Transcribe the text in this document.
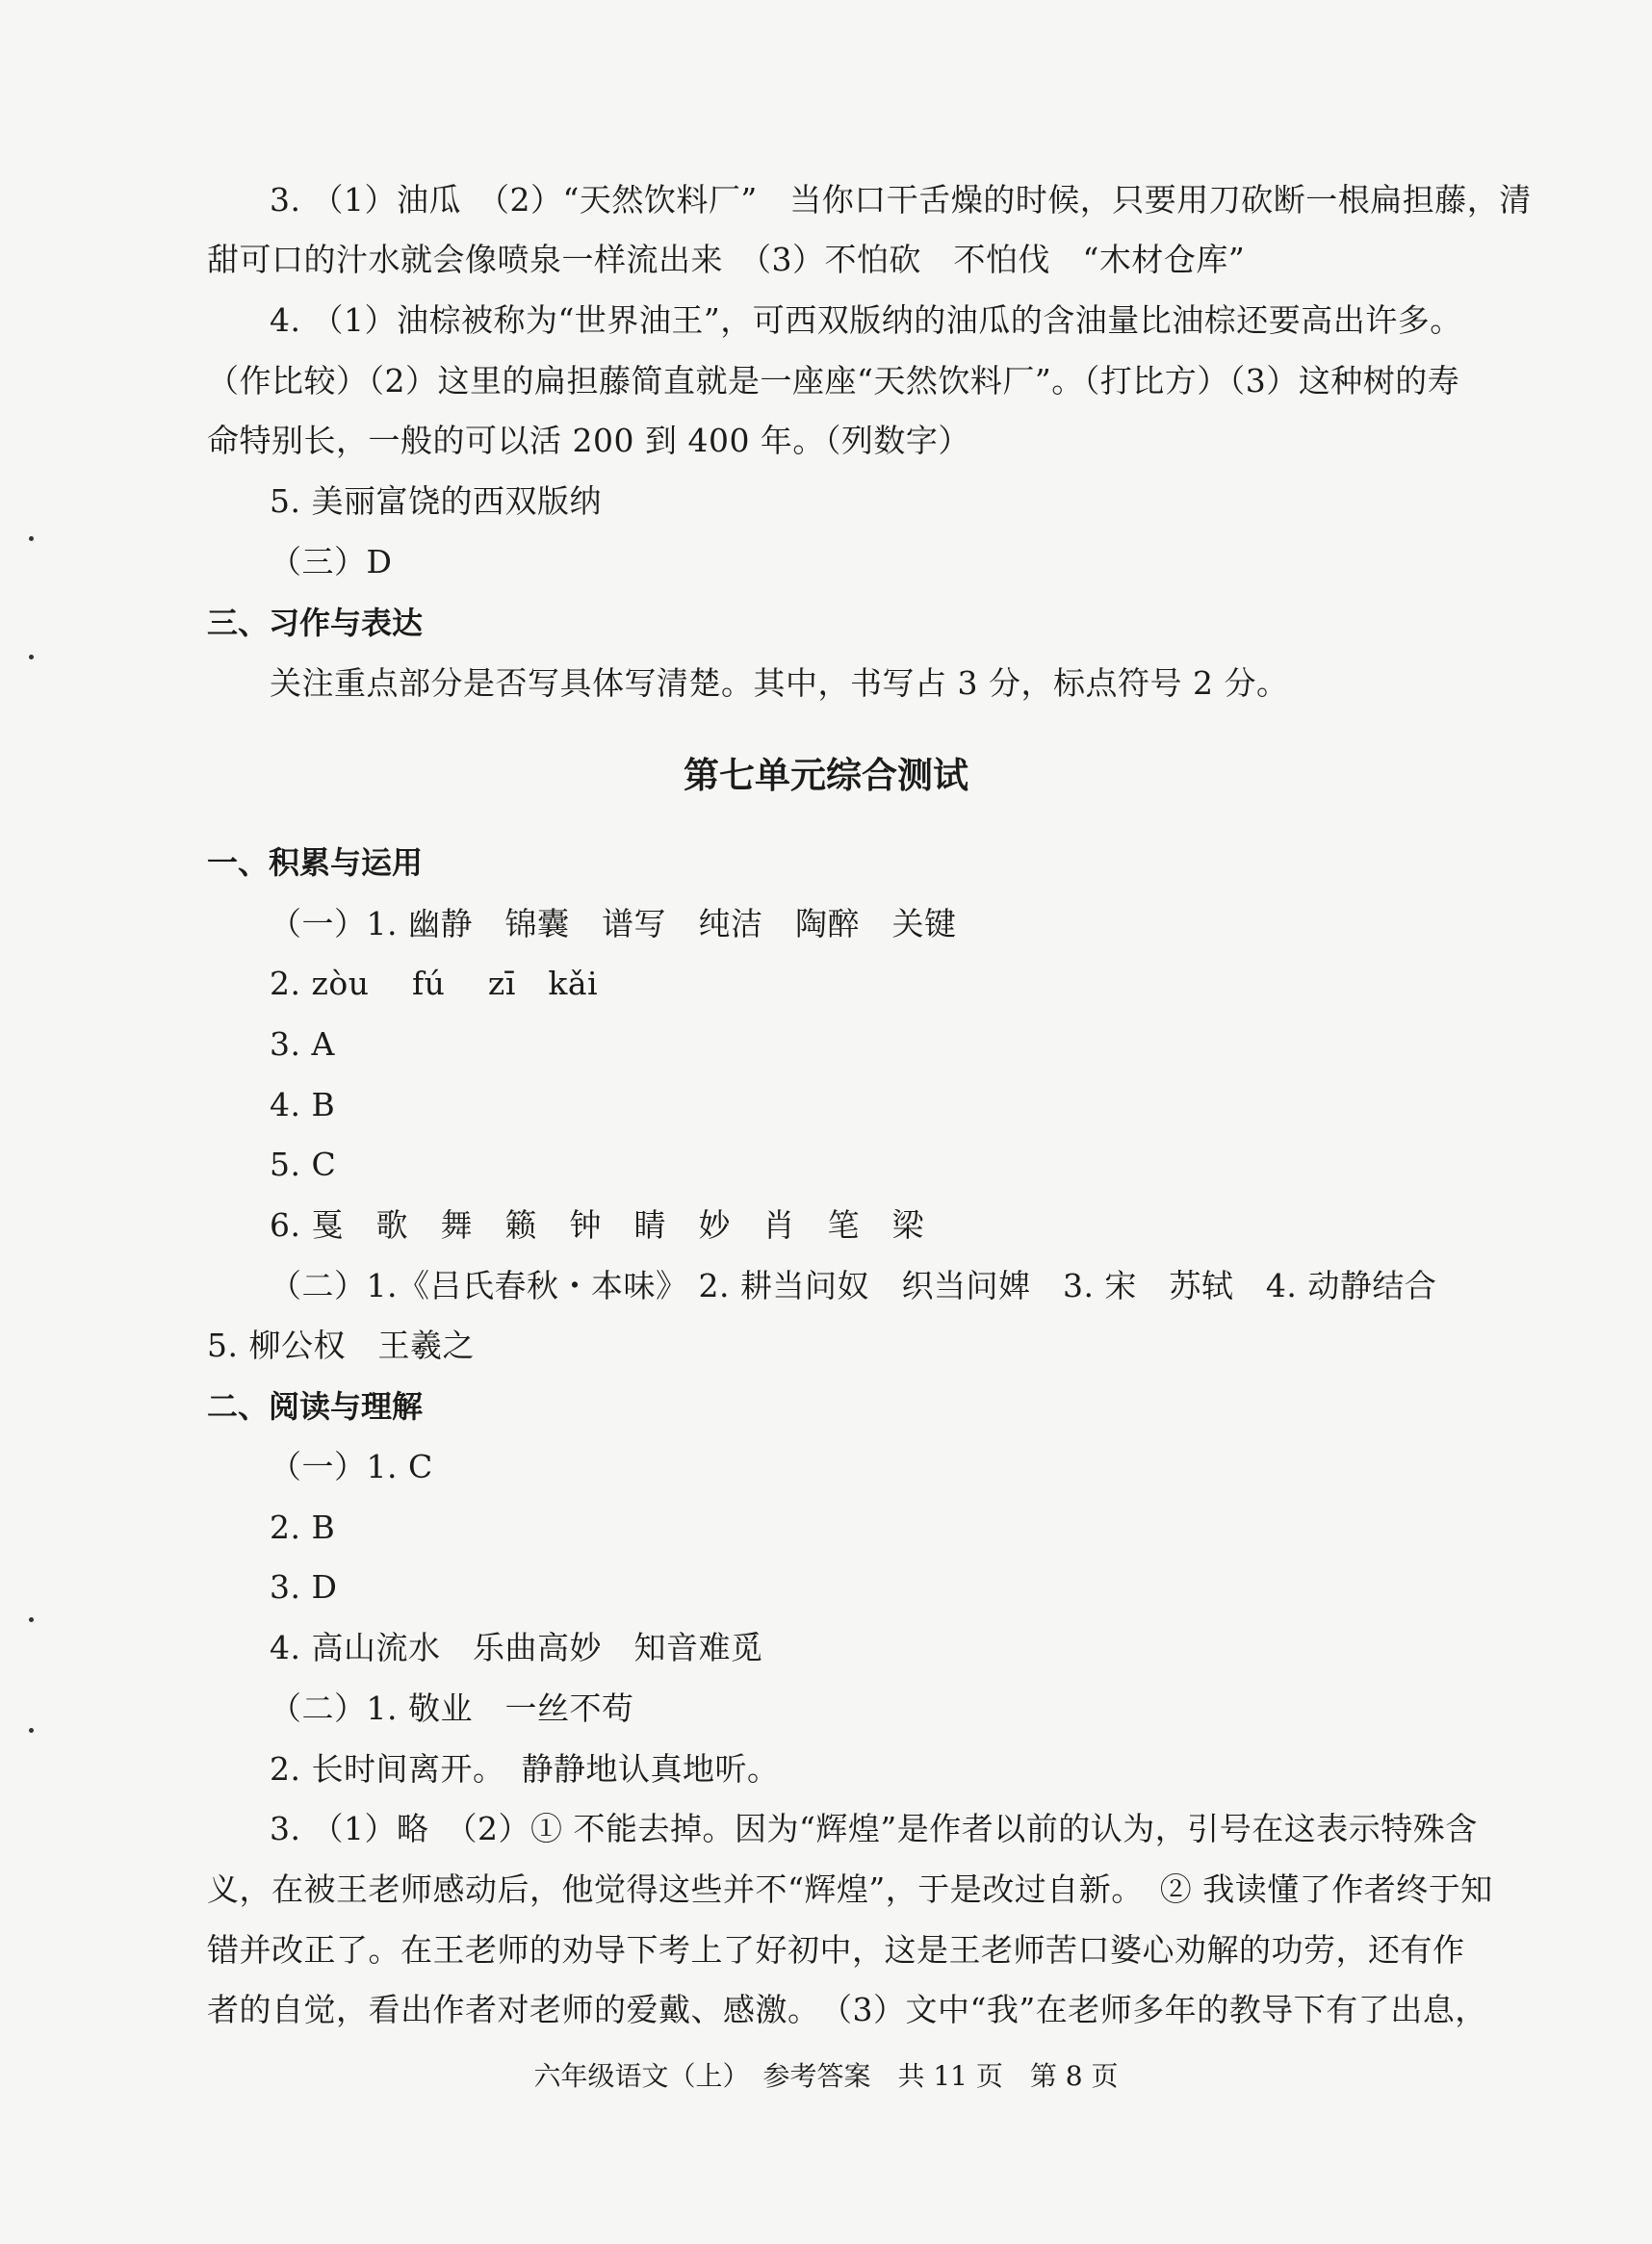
3. （1）油瓜　（2）“天然饮料厂”　当你口干舌燥的时候，只要用刀砍断一根扁担藤，清
甜可口的汁水就会像喷泉一样流出来　（3）不怕砍　不怕伐　“木材仓库”
4. （1）油棕被称为“世界油王”，可西双版纳的油瓜的含油量比油棕还要高出许多。
（作比较）（2）这里的扁担藤简直就是一座座“天然饮料厂”。（打比方）（3）这种树的寿
命特别长，一般的可以活 200 到 400 年。（列数字）
5. 美丽富饶的西双版纳
（三）D
三、习作与表达
关注重点部分是否写具体写清楚。其中，书写占 3 分，标点符号 2 分。
第七单元综合测试
一、积累与运用
（一）1. 幽静　锦囊　谱写　纯洁　陶醉　关键
2. zòu　 fú　 zī　kǎi
3. A
4. B
5. C
6. 戛　歌　舞　籁　钟　睛　妙　肖　笔　梁
（二）1.《吕氏春秋・本味》 2. 耕当问奴　织当问婢　3. 宋　苏轼　4. 动静结合
5. 柳公权　王羲之
二、阅读与理解
（一）1. C
2. B
3. D
4. 高山流水　乐曲高妙　知音难觅
（二）1. 敬业　一丝不苟
2. 长时间离开。　静静地认真地听。
3. （1）略　（2）① 不能去掉。因为“辉煌”是作者以前的认为，引号在这表示特殊含
义，在被王老师感动后，他觉得这些并不“辉煌”，于是改过自新。　② 我读懂了作者终于知
错并改正了。在王老师的劝导下考上了好初中，这是王老师苦口婆心劝解的功劳，还有作
者的自觉，看出作者对老师的爱戴、感激。　（3）文中“我”在老师多年的教导下有了出息，
六年级语文（上）　参考答案　共 11 页　第 8 页
